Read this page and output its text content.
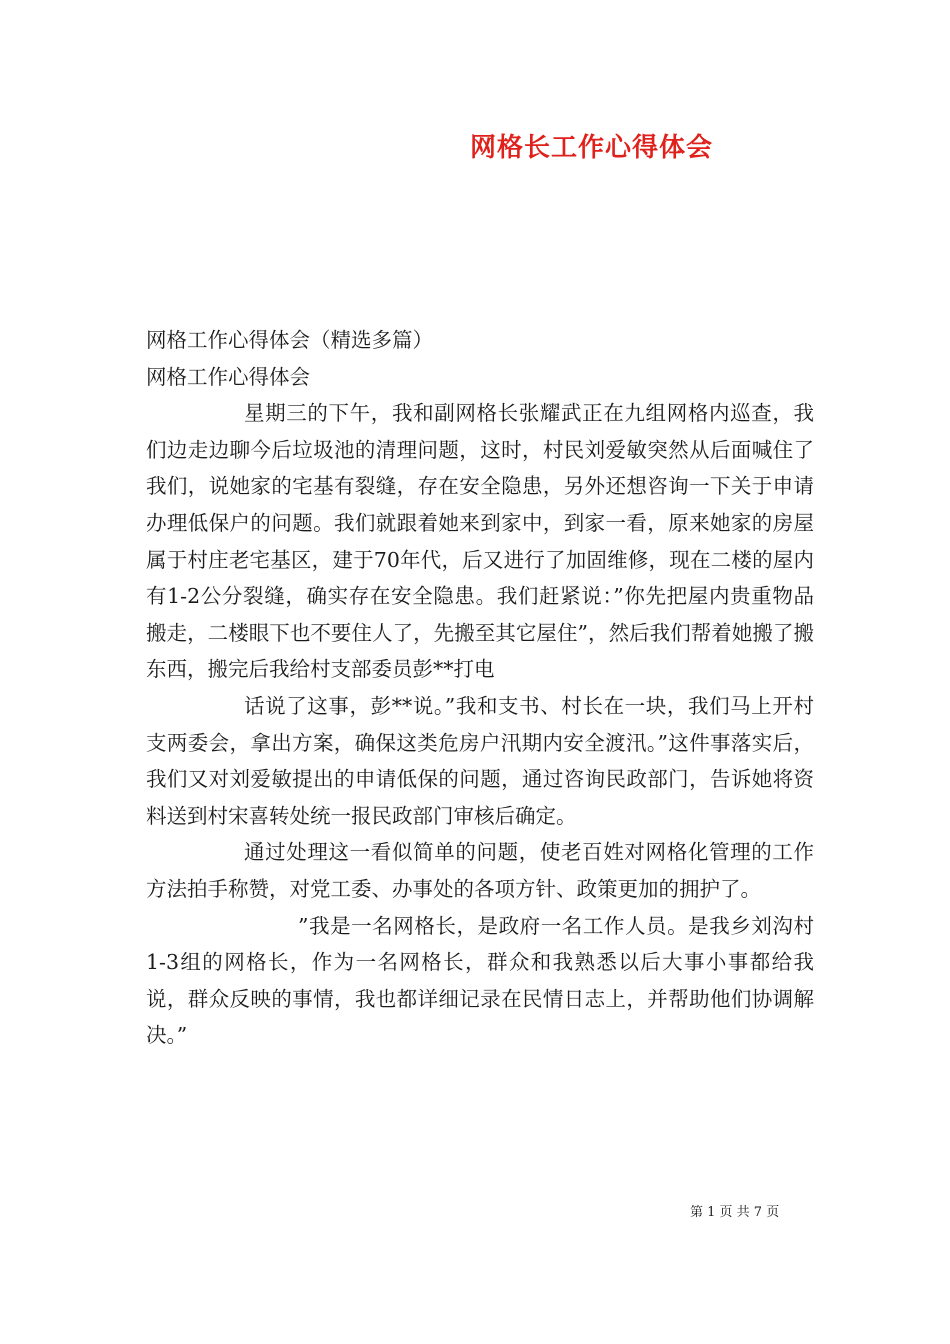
网格长工作心得体会

网格工作心得体会（精选多篇）

网格工作心得体会

星期三的下午，我和副网格长张耀武正在九组网格内巡查，我们边走边聊今后垃圾池的清理问题，这时，村民刘爱敏突然从后面喊住了我们，说她家的宅基有裂缝，存在安全隐患，另外还想咨询一下关于申请办理低保户的问题。我们就跟着她来到家中，到家一看，原来她家的房屋属于村庄老宅基区，建于70年代，后又进行了加固维修，现在二楼的屋内有1-2公分裂缝，确实存在安全隐患。我们赶紧说：”你先把屋内贵重物品搬走，二楼眼下也不要住人了，先搬至其它屋住”，然后我们帮着她搬了搬东西，搬完后我给村支部委员彭**打电

话说了这事，彭**说。”我和支书、村长在一块，我们马上开村支两委会，拿出方案，确保这类危房户汛期内安全渡汛。”这件事落实后，我们又对刘爱敏提出的申请低保的问题，通过咨询民政部门，告诉她将资料送到村宋喜转处统一报民政部门审核后确定。

通过处理这一看似简单的问题，使老百姓对网格化管理的工作方法拍手称赞，对党工委、办事处的各项方针、政策更加的拥护了。

”我是一名网格长，是政府一名工作人员。是我乡刘沟村1-3组的网格长，作为一名网格长，群众和我熟悉以后大事小事都给我说，群众反映的事情，我也都详细记录在民情日志上，并帮助他们协调解决。”

第 1 页 共 7 页
